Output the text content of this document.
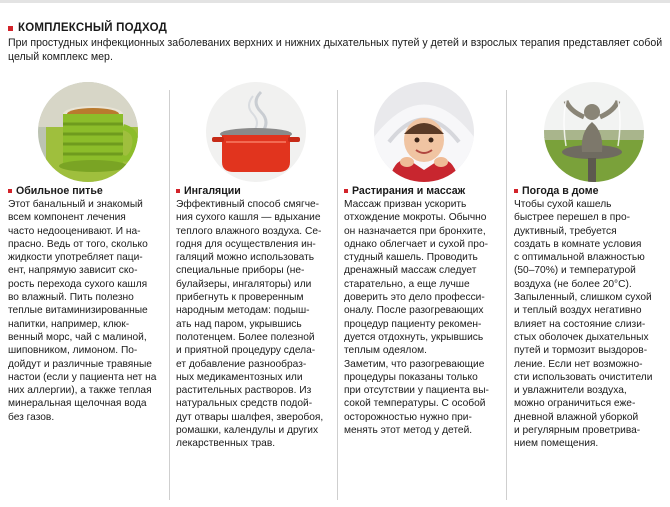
КОМПЛЕКСНЫЙ ПОДХОД

При простудных инфекционных заболеваних верхних и нижних дыхательных путей у детей и взрослых терапия представляет собой целый комплекс мер.

Обильное питье

Этот банальный и знакомый
всем компонент лечения
часто недооценивают. И на-
прасно. Ведь от того, сколько
жидкости употребляет паци-
ент, напрямую зависит ско-
рость перехода сухого кашля
во влажный. Пить полезно
теплые витаминизированные
напитки, например, клюк-
венный морс, чай с малиной,
шиповником, лимоном. По-
дойдут и различные травяные
настои (если у пациента нет на
них аллергии), а также теплая
минеральная щелочная вода
без газов.

Ингаляции

Эффективный способ смягче-
ния сухого кашля — вдыхание
теплого влажного воздуха. Се-
годня для осуществления ин-
галяций можно использовать
специальные приборы (не-
булайзеры, ингаляторы) или
прибегнуть к проверенным
народным методам: подыш-
ать над паром, укрывшись
полотенцем. Более полезной
и приятной процедуру сдела-
ет добавление разнообраз-
ных медикаментозных или
растительных растворов. Из
натуральных средств подой-
дут отвары шалфея, зверобоя,
ромашки, календулы и других
лекарственных трав.

Растирания и массаж

Массаж призван ускорить
отхождение мокроты. Обычно
он назначается при бронхите,
однако облегчает и сухой про-
студный кашель. Проводить
дренажный массаж следует
старательно, а еще лучше
доверить это дело професси-
оналу. После разогревающих
процедур пациенту рекомен-
дуется отдохнуть, укрывшись
теплым одеялом.
Заметим, что разогревающие
процедуры показаны только
при отсутствии у пациента вы-
сокой температуры. С особой
осторожностью нужно при-
менять этот метод у детей.

Погода в доме

Чтобы сухой кашель
быстрее перешел в про-
дуктивный, требуется
создать в комнате условия
с оптимальной влажностью
(50–70%) и температурой
воздуха (не более 20°С).
Запыленный, слишком сухой
и теплый воздух негативно
влияет на состояние слизи-
стых оболочек дыхательных
путей и тормозит выздоров-
ление. Если нет возможно-
сти использовать очистители
и увлажнители воздуха,
можно ограничиться еже-
дневной влажной уборкой
и регулярным проветрива-
нием помещения.
